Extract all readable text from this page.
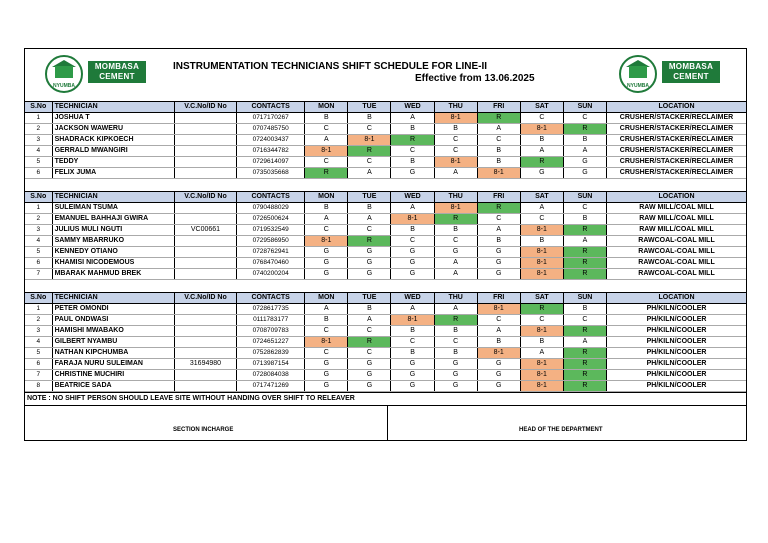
NYUMBA
MOMBASA CEMENT
INSTRUMENTATION TECHNICIANS SHIFT SCHEDULE FOR LINE-II
Effective from 13.06.2025
NYUMBA
MOMBASA CEMENT
S.No	TECHNICIAN	V.C.No/ID No	CONTACTS	MON	TUE	WED	THU	FRI	SAT	SUN	LOCATION
1	JOSHUA T		0717170267	B	B	A	8-1	R	C	C	CRUSHER/STACKER/RECLAIMER
2	JACKSON WAWERU		0707485750	C	C	B	B	A	8-1	R	CRUSHER/STACKER/RECLAIMER
3	SHADRACK KIPKOECH		0724003437	A	8-1	R	C	C	B	B	CRUSHER/STACKER/RECLAIMER
4	GERRALD MWANGIRI		0716344782	8-1	R	C	C	B	A	A	CRUSHER/STACKER/RECLAIMER
5	TEDDY		0729614097	C	C	B	8-1	B	R	G	CRUSHER/STACKER/RECLAIMER
6	FELIX JUMA		0735035668	R	A	G	A	8-1	G	G	CRUSHER/STACKER/RECLAIMER

S.No	TECHNICIAN	V.C.No/ID No	CONTACTS	MON	TUE	WED	THU	FRI	SAT	SUN	LOCATION
1	SULEIMAN TSUMA		0790488029	B	B	A	8-1	R	A	C	RAW MILL/COAL MILL
2	EMANUEL BAHHAJI GWIRA		0726500624	A	A	8-1	R	C	C	B	RAW MILL/COAL MILL
3	JULIUS MULI NGUTI	VC00661	0719532549	C	C	B	B	A	8-1	R	RAW MILL/COAL MILL
4	SAMMY MBARRUKO		0729586950	8-1	R	C	C	B	B	A	RAWCOAL-COAL MILL
5	KENNEDY OTIANO		0728762941	G	G	G	G	G	8-1	R	RAWCOAL-COAL MILL
6	KHAMISI NICODEMOUS		0768470460	G	G	G	A	G	8-1	R	RAWCOAL-COAL MILL
7	MBARAK MAHMUD BREK		0740200204	G	G	G	A	G	8-1	R	RAWCOAL-COAL MILL

S.No	TECHNICIAN	V.C.No/ID No	CONTACTS	MON	TUE	WED	THU	FRI	SAT	SUN	LOCATION
1	PETER OMONDI		0728617735	A	B	A	A	8-1	R	B	PH/KILN/COOLER
2	PAUL ONDWASI		0111783177	B	A	8-1	R	C	C	C	PH/KILN/COOLER
3	HAMISHI MWABAKO		0708709783	C	C	B	B	A	8-1	R	PH/KILN/COOLER
4	GILBERT NYAMBU		0724651227	8-1	R	C	C	B	B	A	PH/KILN/COOLER
5	NATHAN KIPCHUMBA		0752862839	C	C	B	B	8-1	A	R	PH/KILN/COOLER
6	FARAJA NURU SULEIMAN	31694980	0713987154	G	G	G	G	G	8-1	R	PH/KILN/COOLER
7	CHRISTINE MUCHIRI		0728084038	G	G	G	G	G	8-1	R	PH/KILN/COOLER
8	BEATRICE SADA		0717471269	G	G	G	G	G	8-1	R	PH/KILN/COOLER
NOTE : NO SHIFT PERSON SHOULD LEAVE SITE WITHOUT HANDING OVER SHIFT TO RELEAVER
SECTION INCHARGE	HEAD OF THE DEPARTMENT
